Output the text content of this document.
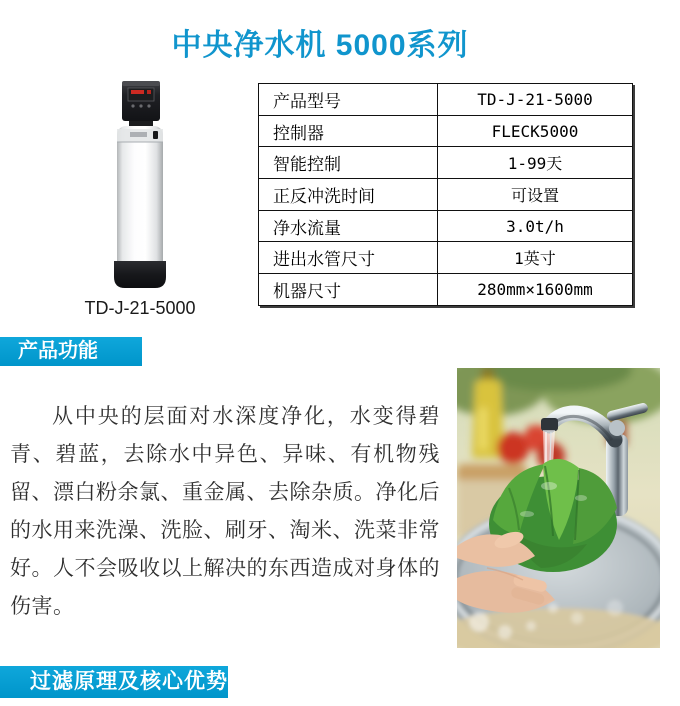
中央净水机 5000系列
TD-J-21-5000
产品型号	TD-J-21-5000
控制器	FLECK5000
智能控制	1-99天
正反冲洗时间	可设置
净水流量	3.0t/h
进出水管尺寸	1英寸
机器尺寸	280mm×1600mm
产品功能
从中央的层面对水深度净化，水变得碧青、碧蓝，去除水中异色、异味、有机物残留、漂白粉余氯、重金属、去除杂质。净化后的水用来洗澡、洗脸、刷牙、淘米、洗菜非常好。人不会吸收以上解决的东西造成对身体的伤害。
过滤原理及核心优势
